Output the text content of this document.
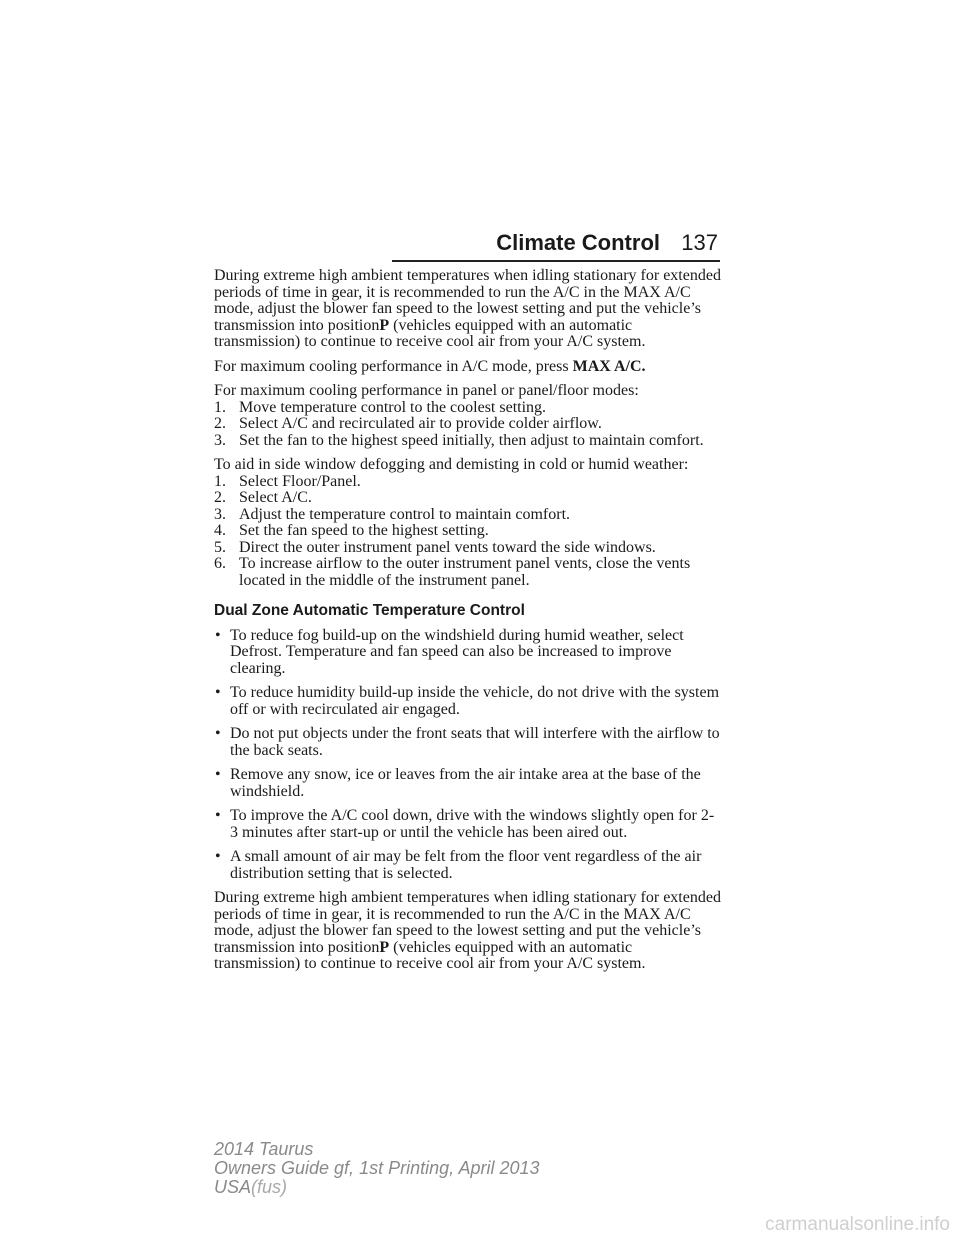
Climate Control 137

During extreme high ambient temperatures when idling stationary for extended periods of time in gear, it is recommended to run the A/C in the MAX A/C mode, adjust the blower fan speed to the lowest setting and put the vehicle’s transmission into positionP (vehicles equipped with an automatic transmission) to continue to receive cool air from your A/C system.

For maximum cooling performance in A/C mode, press MAX A/C.

For maximum cooling performance in panel or panel/floor modes:

1. Move temperature control to the coolest setting.
2. Select A/C and recirculated air to provide colder airflow.
3. Set the fan to the highest speed initially, then adjust to maintain comfort.

To aid in side window defogging and demisting in cold or humid weather:

1. Select Floor/Panel.
2. Select A/C.
3. Adjust the temperature control to maintain comfort.
4. Set the fan speed to the highest setting.
5. Direct the outer instrument panel vents toward the side windows.
6. To increase airflow to the outer instrument panel vents, close the vents located in the middle of the instrument panel.
Dual Zone Automatic Temperature Control
• To reduce fog build-up on the windshield during humid weather, select Defrost. Temperature and fan speed can also be increased to improve clearing.
• To reduce humidity build-up inside the vehicle, do not drive with the system off or with recirculated air engaged.
• Do not put objects under the front seats that will interfere with the airflow to the back seats.
• Remove any snow, ice or leaves from the air intake area at the base of the windshield.
• To improve the A/C cool down, drive with the windows slightly open for 2-3 minutes after start-up or until the vehicle has been aired out.
• A small amount of air may be felt from the floor vent regardless of the air distribution setting that is selected.

During extreme high ambient temperatures when idling stationary for extended periods of time in gear, it is recommended to run the A/C in the MAX A/C mode, adjust the blower fan speed to the lowest setting and put the vehicle’s transmission into positionP (vehicles equipped with an automatic transmission) to continue to receive cool air from your A/C system.

2014 Taurus
Owners Guide gf, 1st Printing, April 2013
USA(fus)
carmanualsonline.info
